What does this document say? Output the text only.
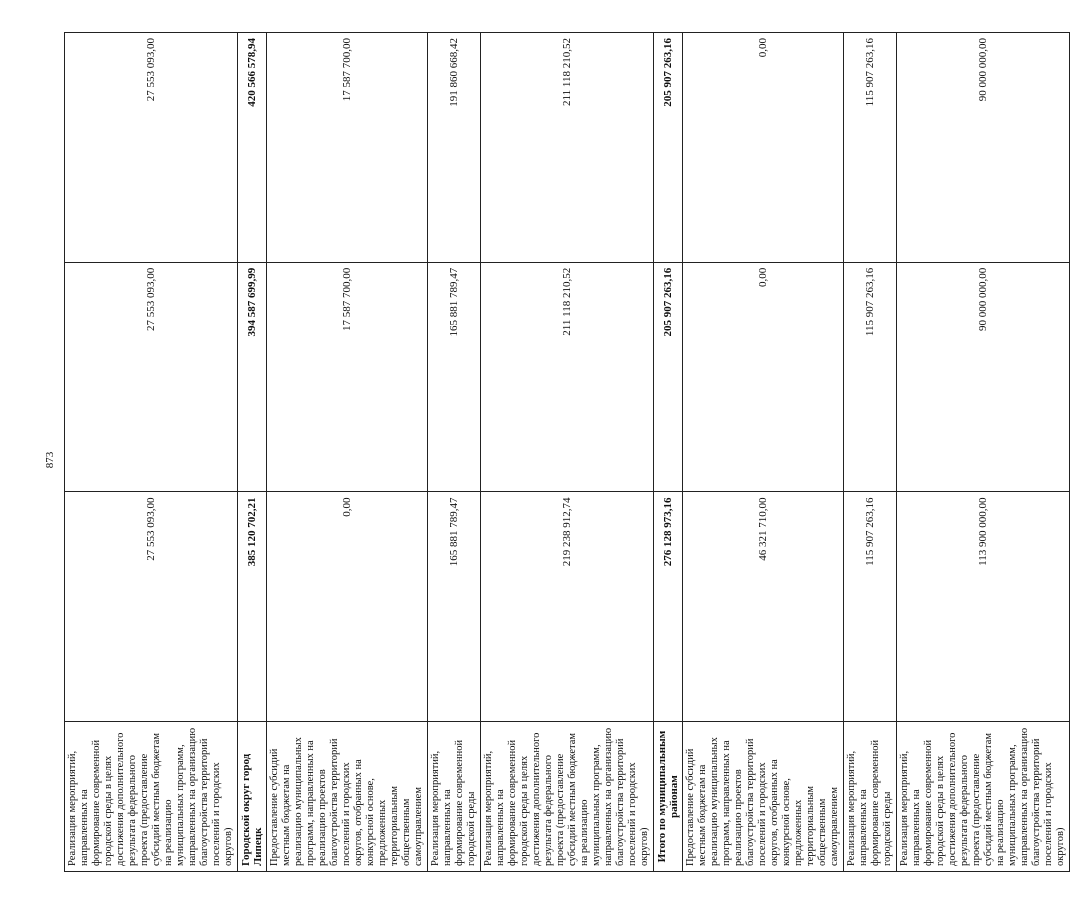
873
Реализация мероприятий, направленных на формирование современной городской среды в целях достижения дополнительного результата федерального проекта (предоставление субсидий местным бюджетам на реализацию муниципальных программ, направленных на организацию благоустройства территорий поселений и городских округов)	27 553 093,00	27 553 093,00	27 553 093,00
Городской округ город Липецк	385 120 702,21	394 587 699,99	420 566 578,94
Предоставление субсидий местным бюджетам на реализацию муниципальных программ, направленных на реализацию проектов благоустройства территорий поселений и городских округов, отобранных на конкурсной основе, предложенных территориальным общественным самоуправлением	0,00	17 587 700,00	17 587 700,00
Реализация мероприятий, направленных на формирование современной городской среды	165 881 789,47	165 881 789,47	191 860 668,42
Реализация мероприятий, направленных на формирование современной городской среды в целях достижения дополнительного результата федерального проекта (предоставление субсидий местным бюджетам на реализацию муниципальных программ, направленных на организацию благоустройства территорий поселений и городских округов)	219 238 912,74	211 118 210,52	211 118 210,52
Итого по муниципальным районам	276 128 973,16	205 907 263,16	205 907 263,16
Предоставление субсидий местным бюджетам на реализацию муниципальных программ, направленных на реализацию проектов благоустройства территорий поселений и городских округов, отобранных на конкурсной основе, предложенных территориальным общественным самоуправлением	46 321 710,00	0,00	0,00
Реализация мероприятий, направленных на формирование современной городской среды	115 907 263,16	115 907 263,16	115 907 263,16
Реализация мероприятий, направленных на формирование современной городской среды в целях достижения дополнительного результата федерального проекта (предоставление субсидий местным бюджетам на реализацию муниципальных программ, направленных на организацию благоустройства территорий поселений и городских округов)	113 900 000,00	90 000 000,00	90 000 000,00
